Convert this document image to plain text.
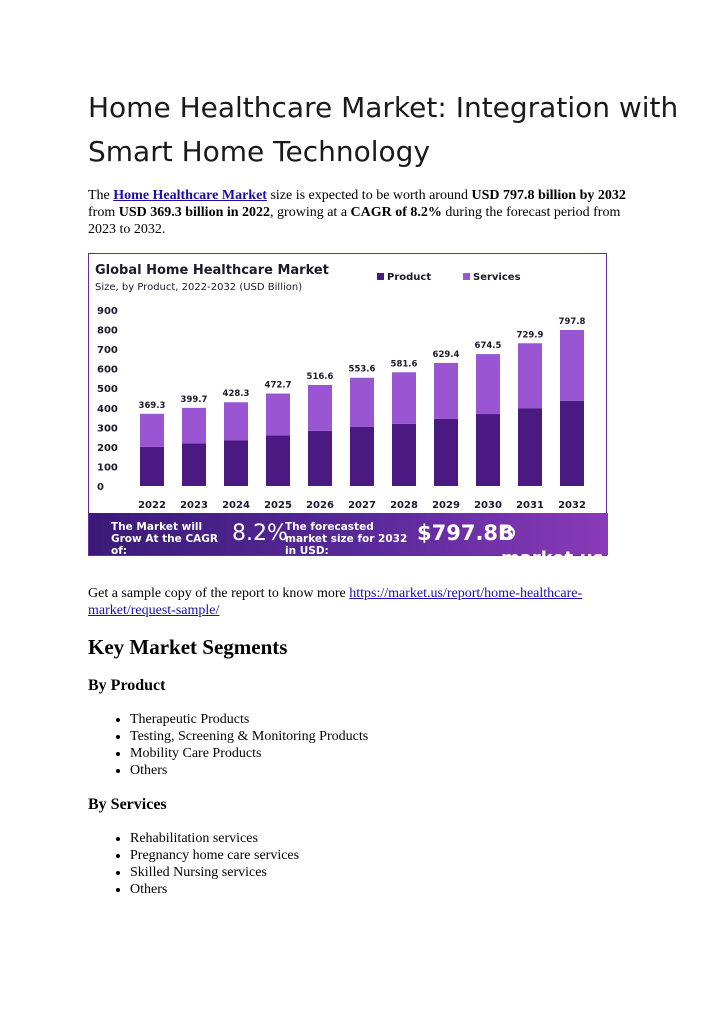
Home Healthcare Market: Integration with Smart Home Technology

The Home Healthcare Market size is expected to be worth around USD 797.8 billion by 2032 from USD 369.3 billion in 2022, growing at a CAGR of 8.2% during the forecast period from 2023 to 2032.

Global Home Healthcare Market
Size, by Product, 2022-2032 (USD Billion)
Product	Services
0
100
200
300
400
500
600
700
800
900
369.3
399.7
428.3
472.7
516.6
553.6
581.6
629.4
674.5
729.9
797.8
2022 2023 2024 2025 2026 2027 2028 2029 2030 2031 2032
The Market will Grow At the CAGR of:
8.2%
The forecasted market size for 2032 in USD:
$797.8B
market.us

Get a sample copy of the report to know more https://market.us/report/home-healthcare-market/request-sample/

Key Market Segments
By Product
• Therapeutic Products
• Testing, Screening & Monitoring Products
• Mobility Care Products
• Others
By Services
• Rehabilitation services
• Pregnancy home care services
• Skilled Nursing services
• Others
